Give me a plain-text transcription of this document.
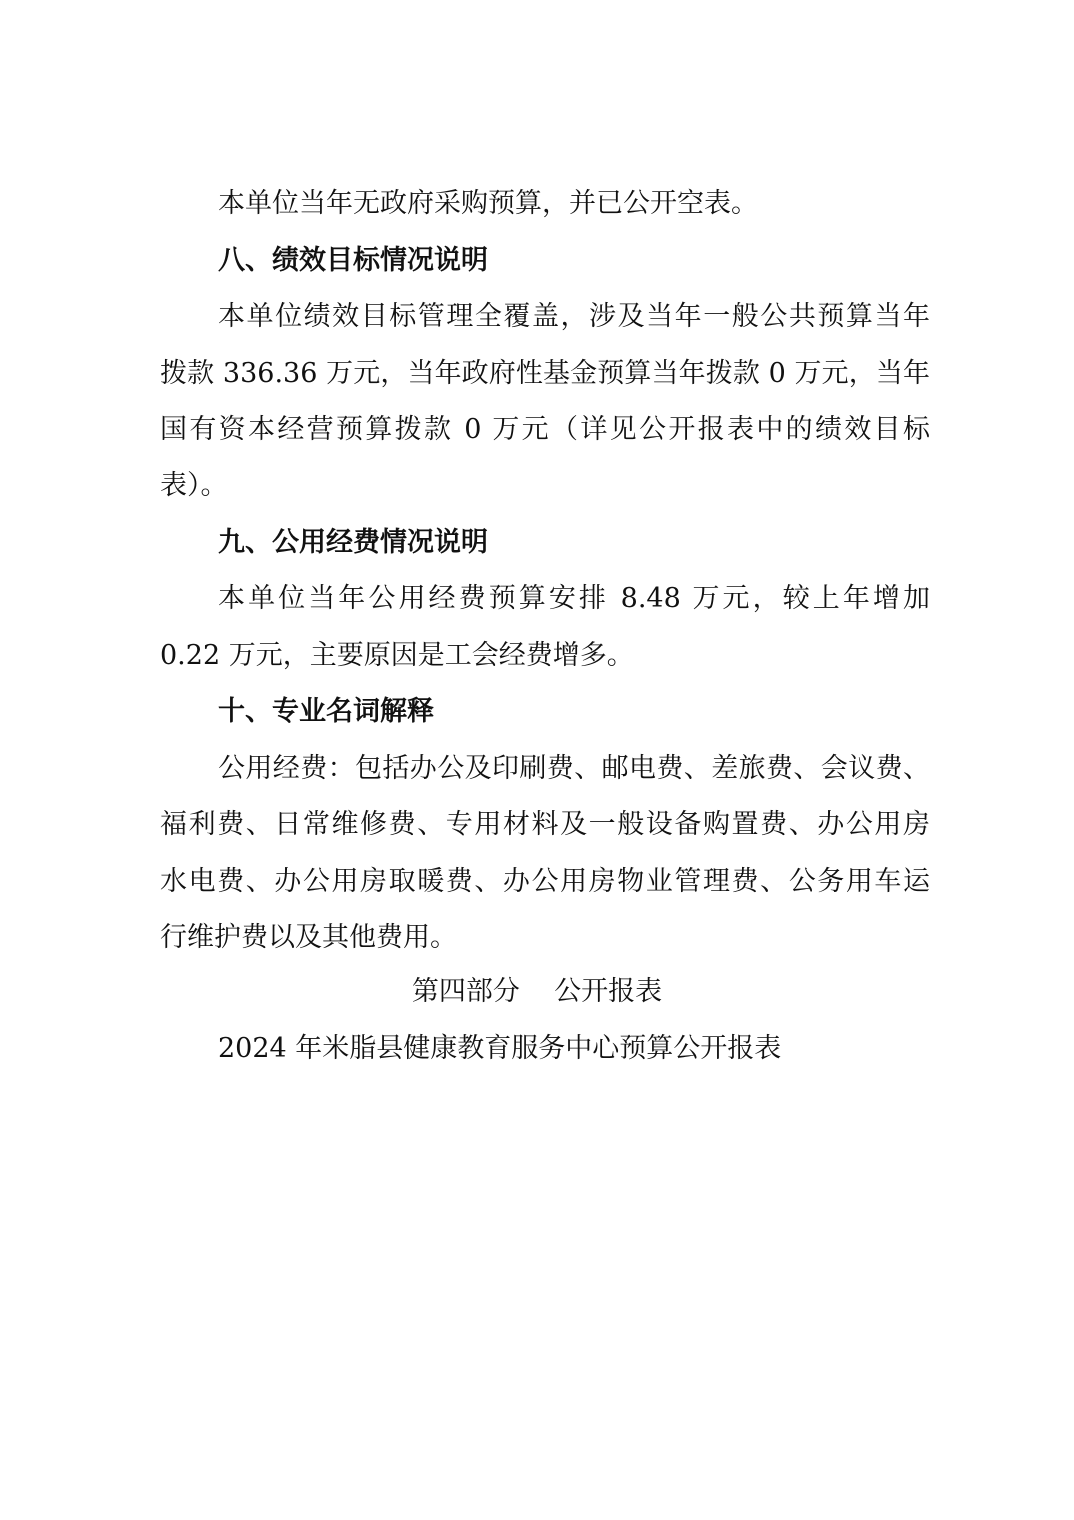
本单位当年无政府采购预算，并已公开空表。
八、绩效目标情况说明
本单位绩效目标管理全覆盖，涉及当年一般公共预算当年
拨款 336.36 万元，当年政府性基金预算当年拨款 0 万元，当年
国有资本经营预算拨款 0 万元（详见公开报表中的绩效目标
表）。
九、公用经费情况说明
本单位当年公用经费预算安排 8.48 万元，较上年增加
0.22 万元，主要原因是工会经费增多。
十、专业名词解释
公用经费：包括办公及印刷费、邮电费、差旅费、会议费、
福利费、日常维修费、专用材料及一般设备购置费、办公用房
水电费、办公用房取暖费、办公用房物业管理费、公务用车运
行维护费以及其他费用。
第四部分    公开报表
2024 年米脂县健康教育服务中心预算公开报表
